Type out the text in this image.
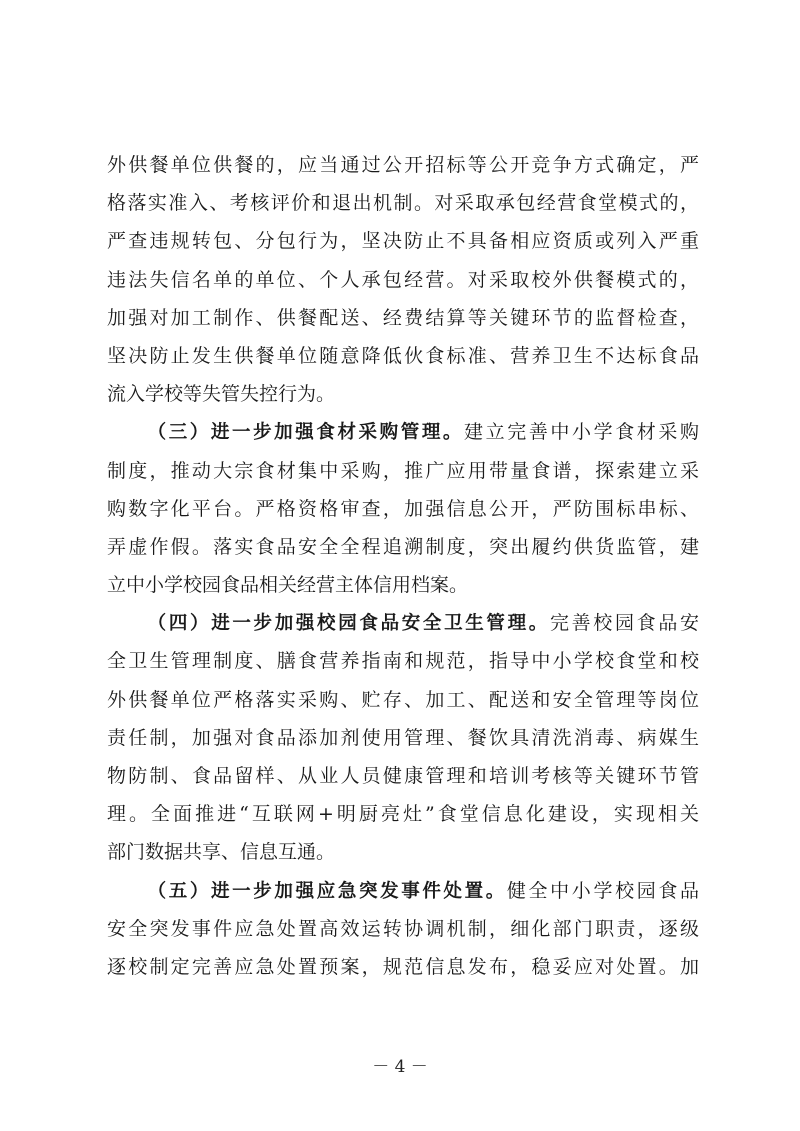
外供餐单位供餐的，应当通过公开招标等公开竞争方式确定，严
格落实准入、考核评价和退出机制。对采取承包经营食堂模式的，
严查违规转包、分包行为，坚决防止不具备相应资质或列入严重
违法失信名单的单位、个人承包经营。对采取校外供餐模式的，
加强对加工制作、供餐配送、经费结算等关键环节的监督检查，
坚决防止发生供餐单位随意降低伙食标准、营养卫生不达标食品
流入学校等失管失控行为。
（三）进一步加强食材采购管理。建立完善中小学食材采购
制度，推动大宗食材集中采购，推广应用带量食谱，探索建立采
购数字化平台。严格资格审查，加强信息公开，严防围标串标、
弄虚作假。落实食品安全全程追溯制度，突出履约供货监管，建
立中小学校园食品相关经营主体信用档案。
（四）进一步加强校园食品安全卫生管理。完善校园食品安
全卫生管理制度、膳食营养指南和规范，指导中小学校食堂和校
外供餐单位严格落实采购、贮存、加工、配送和安全管理等岗位
责任制，加强对食品添加剂使用管理、餐饮具清洗消毒、病媒生
物防制、食品留样、从业人员健康管理和培训考核等关键环节管
理。全面推进“互联网+明厨亮灶”食堂信息化建设，实现相关
部门数据共享、信息互通。
（五）进一步加强应急突发事件处置。健全中小学校园食品
安全突发事件应急处置高效运转协调机制，细化部门职责，逐级
逐校制定完善应急处置预案，规范信息发布，稳妥应对处置。加
－ 4 －
